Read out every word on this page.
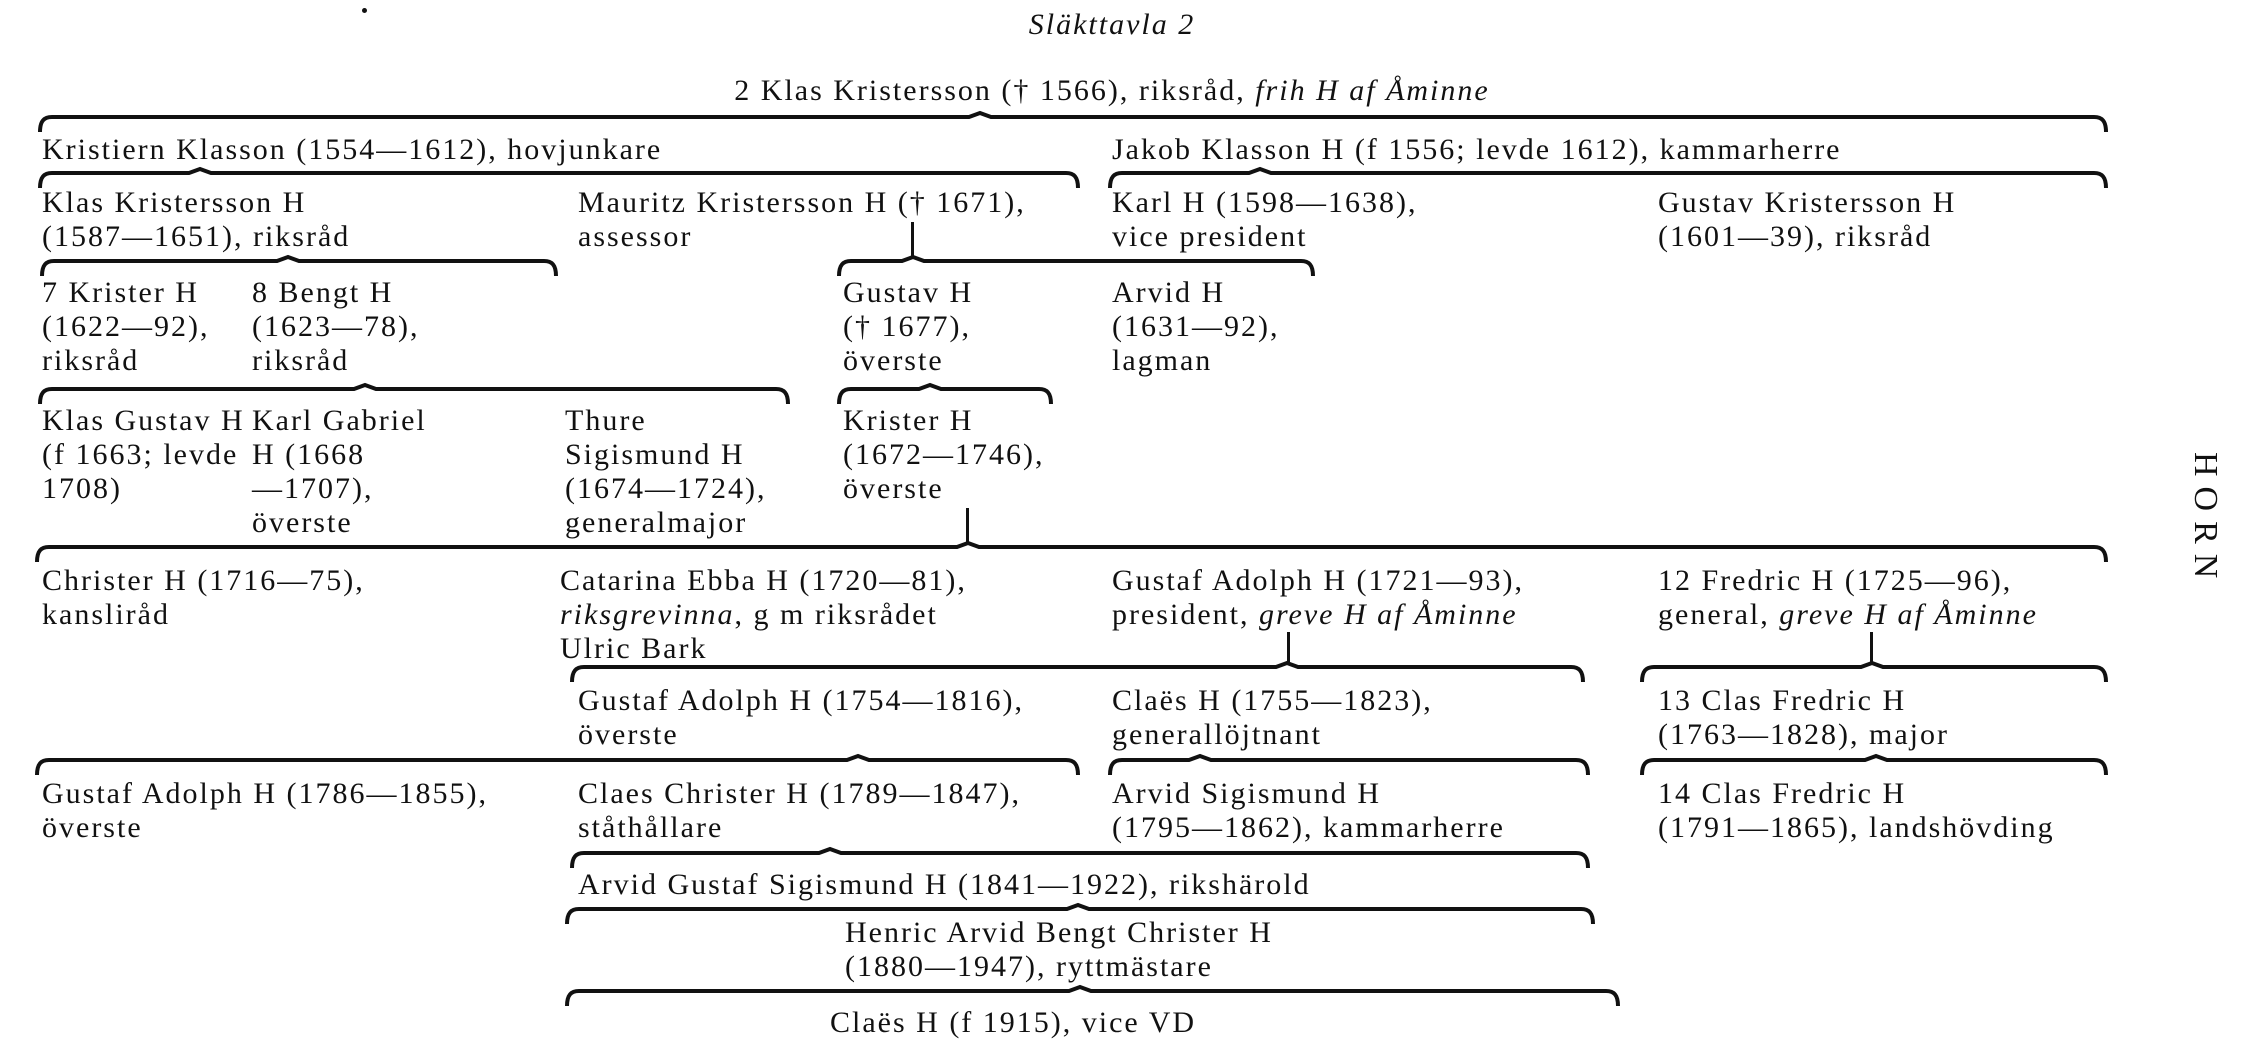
Släkttavla 2
2 Klas Kristersson († 1566), riksråd, frih H af Åminne
Kristiern Klasson (1554—1612), hovjunkare	Jakob Klasson H (f 1556; levde 1612), kammarherre
Klas Kristersson H
(1587—1651), riksråd
Mauritz Kristersson H († 1671),
assessor
Karl H (1598—1638),
vice president
Gustav Kristersson H
(1601—39), riksråd
7 Krister H
(1622—92),
riksråd
8 Bengt H
(1623—78),
riksråd
Gustav H
(† 1677),
överste
Arvid H
(1631—92),
lagman
Klas Gustav H
(f 1663; levde
1708)
Karl Gabriel
H (1668
—1707),
överste
Thure
Sigismund H
(1674—1724),
generalmajor
Krister H
(1672—1746),
överste
Christer H (1716—75),
kansliråd
Catarina Ebba H (1720—81),
riksgrevinna, g m riksrådet
Ulric Bark
Gustaf Adolph H (1721—93),
president, greve H af Åminne
12 Fredric H (1725—96),
general, greve H af Åminne
Gustaf Adolph H (1754—1816),
överste
Claës H (1755—1823),
generallöjtnant
13 Clas Fredric H
(1763—1828), major
Gustaf Adolph H (1786—1855),
överste
Claes Christer H (1789—1847),
ståthållare
Arvid Sigismund H
(1795—1862), kammarherre
14 Clas Fredric H
(1791—1865), landshövding
Arvid Gustaf Sigismund H (1841—1922), rikshärold
Henric Arvid Bengt Christer H
(1880—1947), ryttmästare
Claës H (f 1915), vice VD
HORN
